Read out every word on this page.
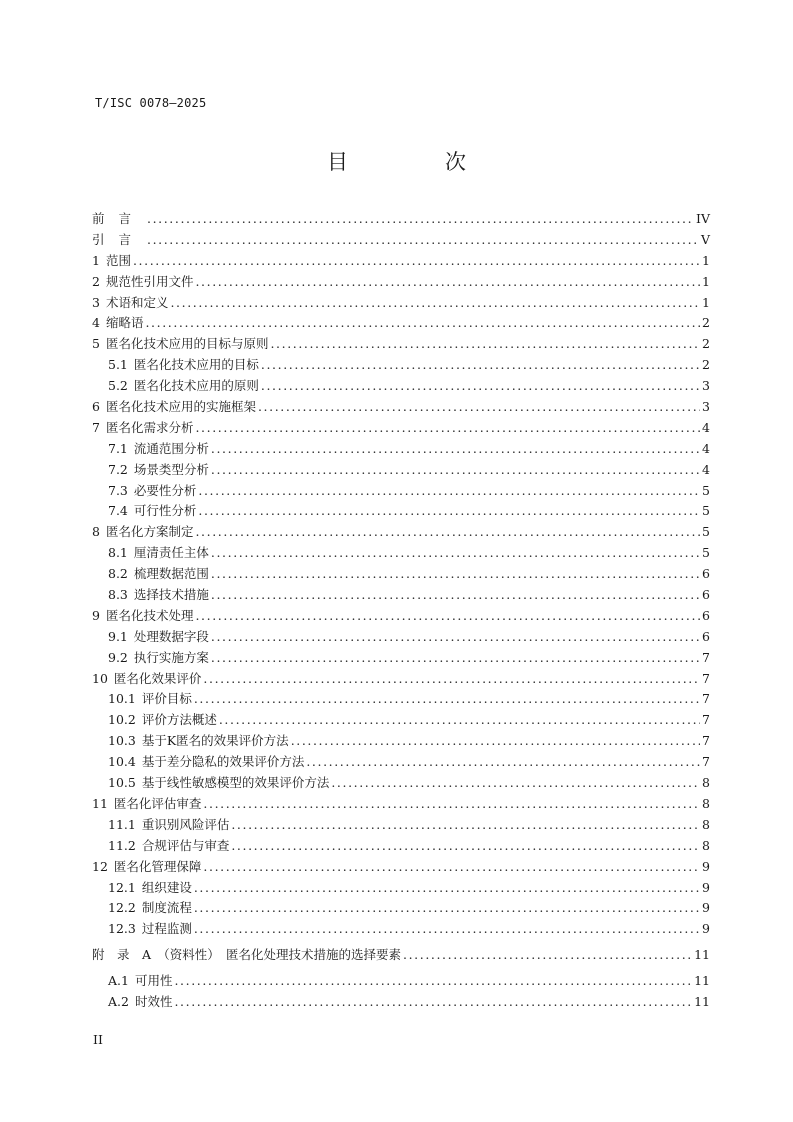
T/ISC 0078—2025
目　次
前言 .....	IV
引言 .....	V
1 范围 .....	1
2 规范性引用文件 .....	1
3 术语和定义 .....	1
4 缩略语 .....	2
5 匿名化技术应用的目标与原则 .....	2
5.1 匿名化技术应用的目标 .....	2
5.2 匿名化技术应用的原则 .....	3
6 匿名化技术应用的实施框架 .....	3
7 匿名化需求分析 .....	4
7.1 流通范围分析 .....	4
7.2 场景类型分析 .....	4
7.3 必要性分析 .....	5
7.4 可行性分析 .....	5
8 匿名化方案制定 .....	5
8.1 厘清责任主体 .....	5
8.2 梳理数据范围 .....	6
8.3 选择技术措施 .....	6
9 匿名化技术处理 .....	6
9.1 处理数据字段 .....	6
9.2 执行实施方案 .....	7
10 匿名化效果评价 .....	7
10.1 评价目标 .....	7
10.2 评价方法概述 .....	7
10.3 基于K匿名的效果评价方法 .....	7
10.4 基于差分隐私的效果评价方法 .....	7
10.5 基于线性敏感模型的效果评价方法 .....	8
11 匿名化评估审查 .....	8
11.1 重识别风险评估 .....	8
11.2 合规评估与审查 .....	8
12 匿名化管理保障 .....	9
12.1 组织建设 .....	9
12.2 制度流程 .....	9
12.3 过程监测 .....	9
附　录　A　（资料性）　匿名化处理技术措施的选择要素 .....	11
A.1 可用性 .....	11
A.2 时效性 .....	11
II
